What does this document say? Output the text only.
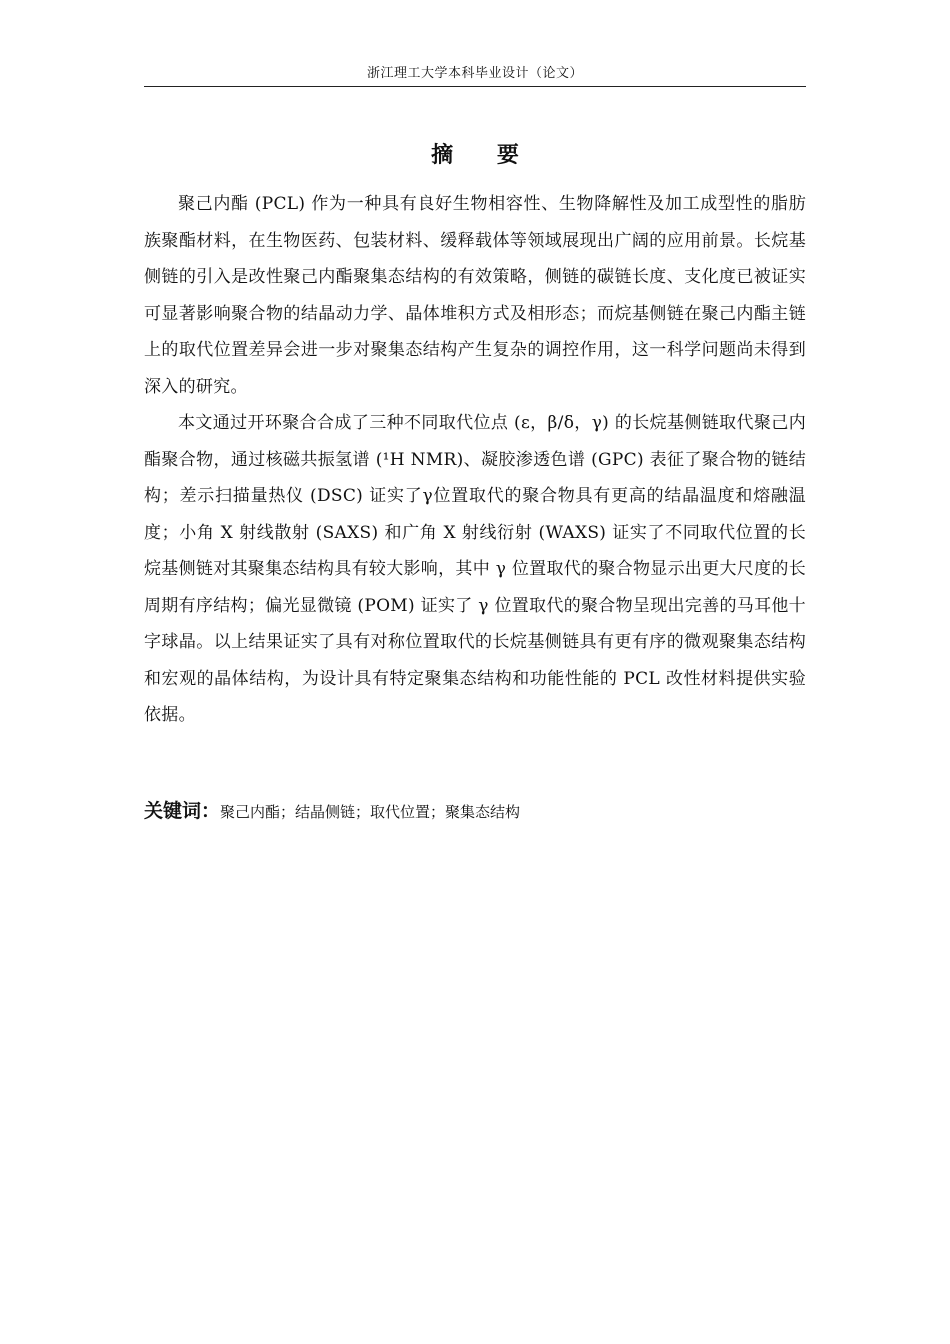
浙江理工大学本科毕业设计（论文）
摘 要

聚己内酯 (PCL) 作为一种具有良好生物相容性、生物降解性及加工成型性的脂肪族聚酯材料，在生物医药、包装材料、缓释载体等领域展现出广阔的应用前景。长烷基侧链的引入是改性聚己内酯聚集态结构的有效策略，侧链的碳链长度、支化度已被证实可显著影响聚合物的结晶动力学、晶体堆积方式及相形态；而烷基侧链在聚己内酯主链上的取代位置差异会进一步对聚集态结构产生复杂的调控作用，这一科学问题尚未得到深入的研究。

本文通过开环聚合合成了三种不同取代位点 (ε，β/δ，γ) 的长烷基侧链取代聚己内酯聚合物，通过核磁共振氢谱 (¹H NMR)、凝胶渗透色谱 (GPC) 表征了聚合物的链结构；差示扫描量热仪 (DSC) 证实了γ位置取代的聚合物具有更高的结晶温度和熔融温度；小角 X 射线散射 (SAXS) 和广角 X 射线衍射 (WAXS) 证实了不同取代位置的长烷基侧链对其聚集态结构具有较大影响，其中 γ 位置取代的聚合物显示出更大尺度的长周期有序结构；偏光显微镜 (POM) 证实了 γ 位置取代的聚合物呈现出完善的马耳他十字球晶。以上结果证实了具有对称位置取代的长烷基侧链具有更有序的微观聚集态结构和宏观的晶体结构，为设计具有特定聚集态结构和功能性能的 PCL 改性材料提供实验依据。

关键词：聚己内酯；结晶侧链；取代位置；聚集态结构
